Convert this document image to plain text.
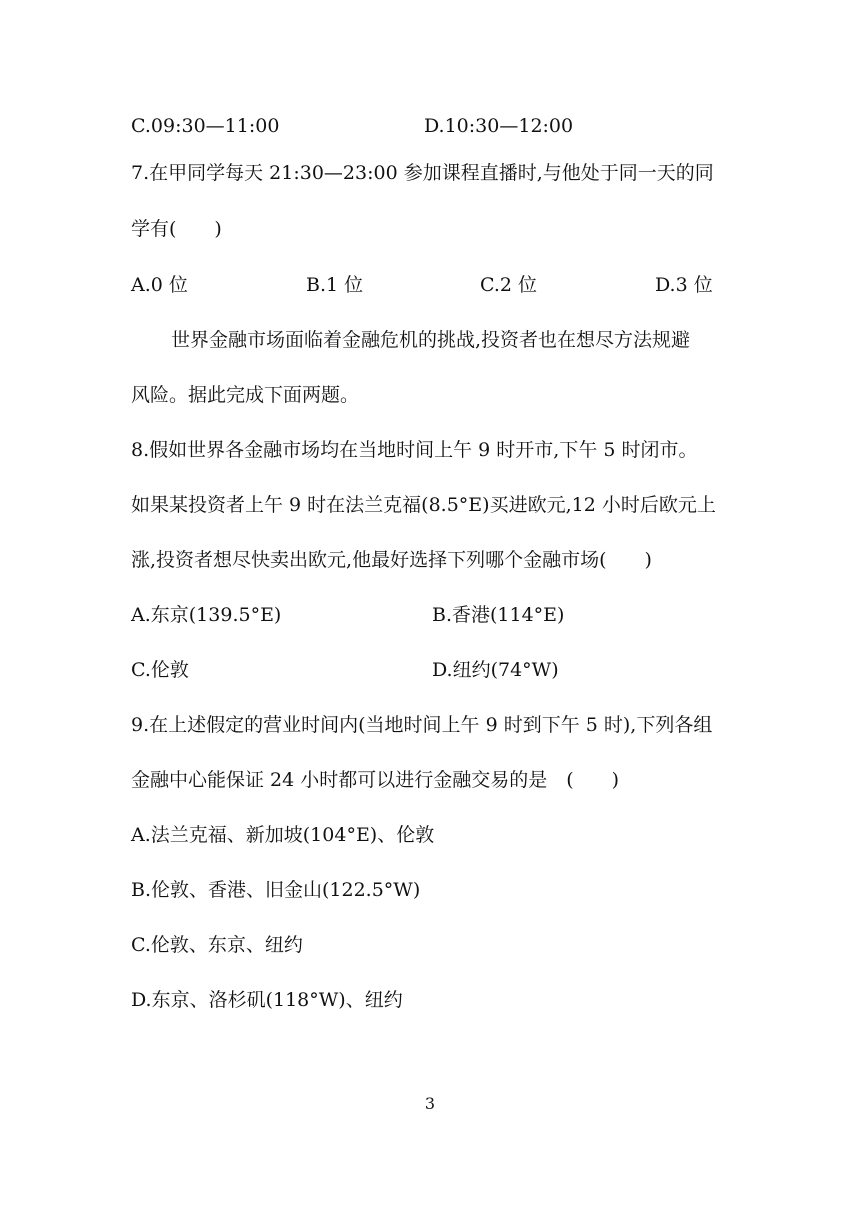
C.09:30—11:00	D.10:30—12:00
7.在甲同学每天 21:30—23:00 参加课程直播时,与他处于同一天的同
学有(　　)
A.0 位	B.1 位	C.2 位	D.3 位
世界金融市场面临着金融危机的挑战,投资者也在想尽方法规避
风险。据此完成下面两题。
8.假如世界各金融市场均在当地时间上午 9 时开市,下午 5 时闭市。
如果某投资者上午 9 时在法兰克福(8.5°E)买进欧元,12 小时后欧元上
涨,投资者想尽快卖出欧元,他最好选择下列哪个金融市场(　　)
A.东京(139.5°E)	B.香港(114°E)
C.伦敦	D.纽约(74°W)
9.在上述假定的营业时间内(当地时间上午 9 时到下午 5 时),下列各组
金融中心能保证 24 小时都可以进行金融交易的是　(　　)
A.法兰克福、新加坡(104°E)、伦敦
B.伦敦、香港、旧金山(122.5°W)
C.伦敦、东京、纽约
D.东京、洛杉矶(118°W)、纽约
3
